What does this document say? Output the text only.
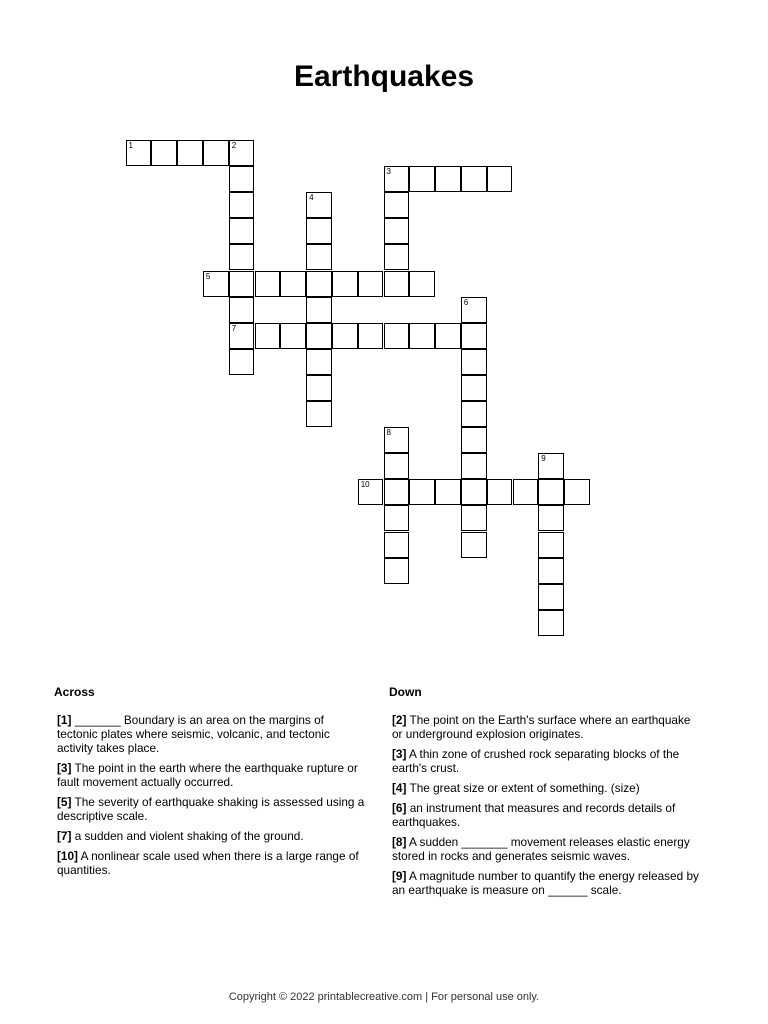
Earthquakes
1	2
7
3
4
5
6
8
9
10
Across	Down
[1] _______ Boundary is an area on the margins of tectonic plates where seismic, volcanic, and tectonic activity takes place.
[3] The point in the earth where the earthquake rupture or fault movement actually occurred.
[5] The severity of earthquake shaking is assessed using a descriptive scale.
[7] a sudden and violent shaking of the ground.
[10] A nonlinear scale used when there is a large range of quantities.
[2] The point on the Earth's surface where an earthquake or underground explosion originates.
[3] A thin zone of crushed rock separating blocks of the earth's crust.
[4] The great size or extent of something. (size)
[6] an instrument that measures and records details of earthquakes.
[8] A sudden _______ movement releases elastic energy stored in rocks and generates seismic waves.
[9] A magnitude number to quantify the energy released by an earthquake is measure on ______ scale.
Copyright © 2022 printablecreative.com | For personal use only.
